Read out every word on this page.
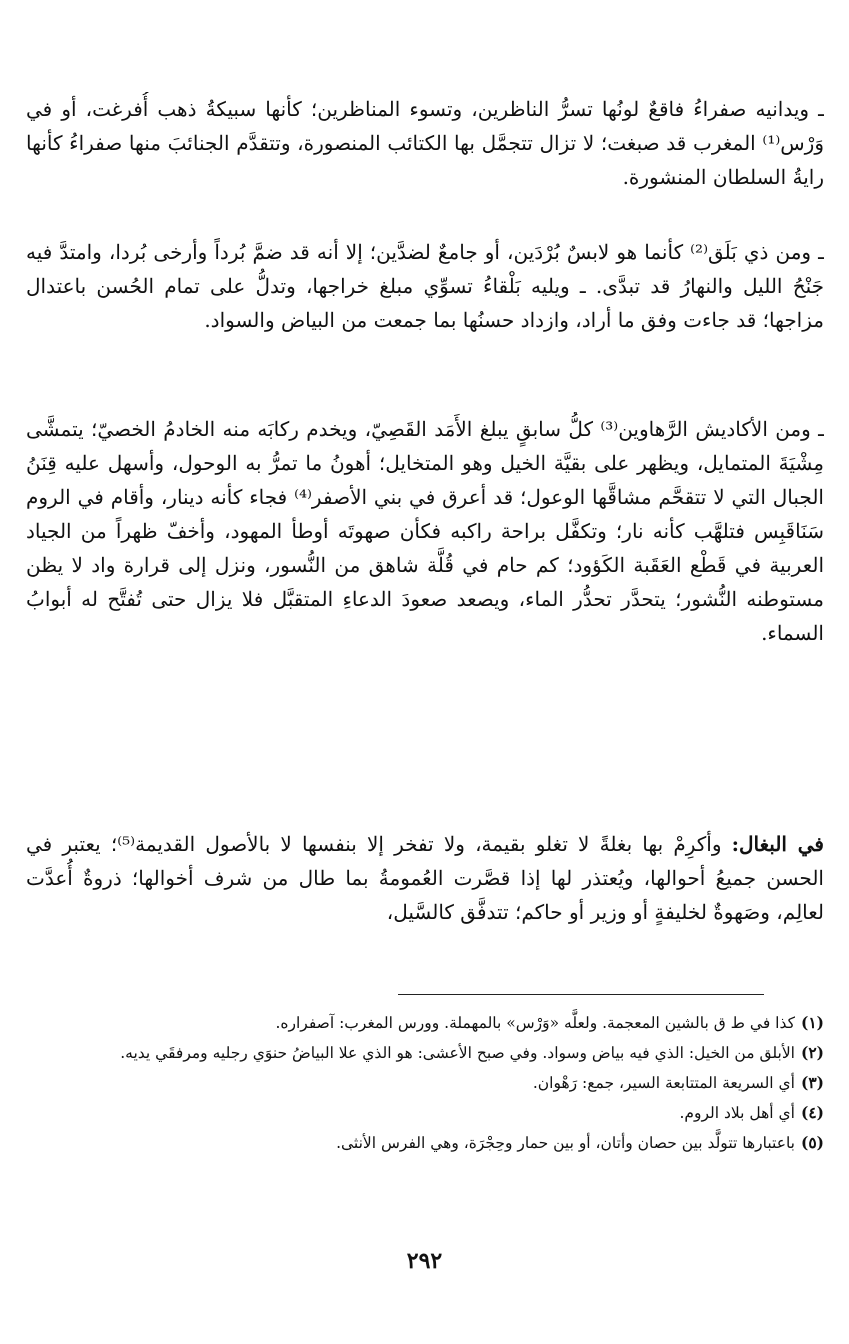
ـ ويدانيه صفراءُ فاقعٌ لونُها تسرُّ الناظرين، وتسوء المناظرين؛ كأنها سبيكةُ ذهب أُفرغت، أو في وَرْس⁽¹⁾ المغرب قد صبغت؛ لا تزال تتجمَّل بها الكتائب المنصورة، وتتقدَّم الجنائبَ منها صفراءُ كأنها رايةُ السلطان المنشورة.

ـ ومن ذي بَلَق⁽²⁾ كأنما هو لابسٌ بُرْدَين، أو جامعٌ لضدَّين؛ إلا أنه قد ضمَّ بُرداً وأرخى بُردا، وامتدَّ فيه جَنْحُ الليل والنهارُ قد تبدَّى. ـ ويليه بَلْقاءُ تسوِّي مبلغ خراجها، وتدلُّ على تمام الحُسن باعتدال مزاجها؛ قد جاءت وفق ما أراد، وازداد حسنُها بما جمعت من البياض والسواد.

ـ ومن الأكاديش الرَّهاوين⁽³⁾ كلُّ سابقٍ يبلغ الأَمَد القَصِيّ، ويخدم ركابَه منه الخادمُ الخصيّ؛ يتمشَّى مِشْيَةَ المتمايل، ويظهر على بقيَّة الخيل وهو المتخايل؛ أهونُ ما تمرُّ به الوحول، وأسهل عليه قِنَنُ الجبال التي لا تتقحَّم مشاقَّها الوعول؛ قد أعرق في بني الأصفر⁽⁴⁾ فجاء كأنه دينار، وأقام في الروم سَنَاقَبِس فتلهَّب كأنه نار؛ وتكفَّل براحة راكبه فكأن صهوتَه أوطأ المهود، وأخفّ ظهراً من الجياد العربية في قَطْع العَقَبة الكَؤود؛ كم حام في قُلَّة شاهق من النُّسور، ونزل إلى قرارة واد لا يظن مستوطنه النُّشور؛ يتحدَّر تحدُّر الماء، ويصعد صعودَ الدعاءِ المتقبَّل فلا يزال حتى تُفتَّح له أبوابُ السماء.

في البغال: وأكرِمْ بها بغلةً لا تغلو بقيمة، ولا تفخر إلا بنفسها لا بالأصول القديمة⁽⁵⁾؛ يعتبر في الحسن جميعُ أحوالها، ويُعتذر لها إذا قصَّرت العُمومةُ بما طال من شرف أخوالها؛ ذروةٌ أُعدَّت لعالِم، وصَهوةٌ لخليفةٍ أو وزير أو حاكم؛ تتدفَّق كالسَّيل،

(١)كذا في ط ق بالشين المعجمة. ولعلَّه «وَرْس» بالمهملة. وورس المغرب: آصفراره.

(٢)الأبلق من الخيل: الذي فيه بياض وسواد. وفي صبح الأعشى: هو الذي علا البياضُ حنوَي رجليه ومرفقَي يديه.

(٣)أي السريعة المتتابعة السير، جمع: رَهْوان.

(٤)أي أهل بلاد الروم.

(٥)باعتبارها تتولَّد بين حصان وأتان، أو بين حمار وحِجْرَة، وهي الفرس الأنثى.

٢٩٢
